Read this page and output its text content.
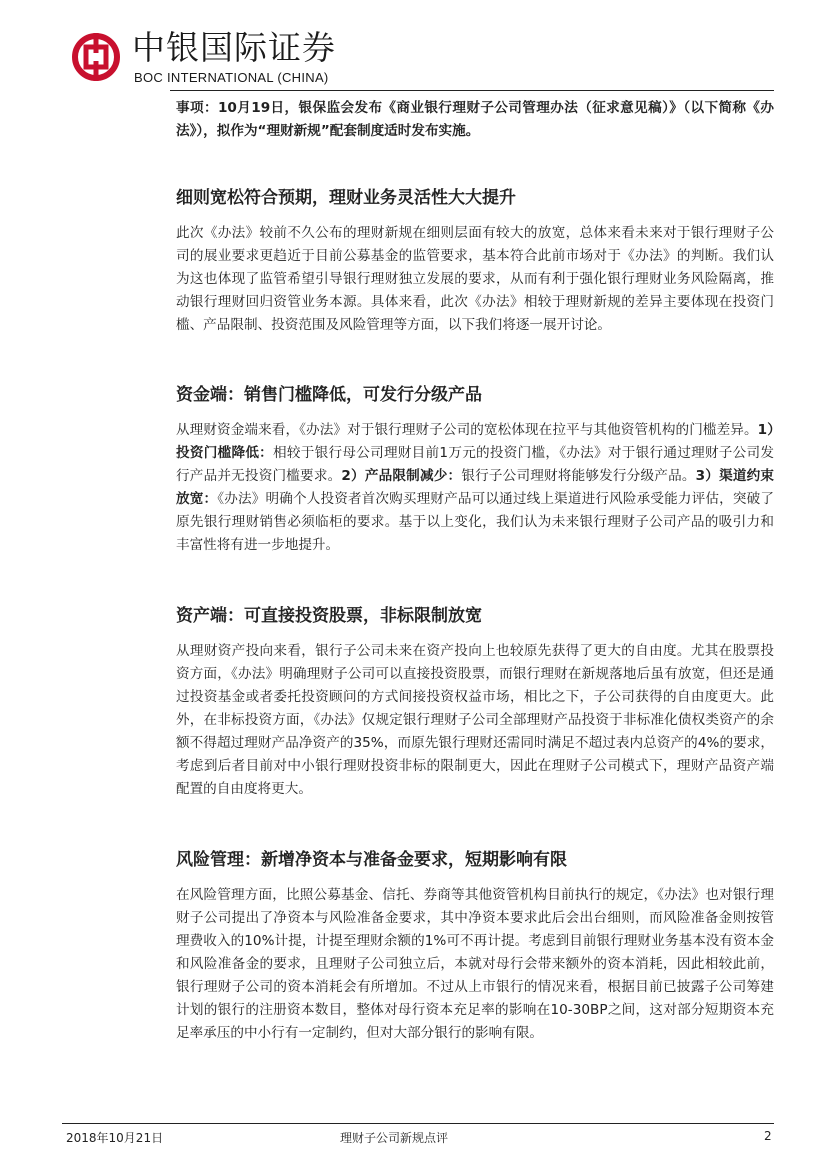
中银国际证券
BOC INTERNATIONAL (CHINA)

事项：10月19日，银保监会发布《商业银行理财子公司管理办法（征求意见稿）》（以下简称《办法》），拟作为“理财新规”配套制度适时发布实施。

细则宽松符合预期，理财业务灵活性大大提升

此次《办法》较前不久公布的理财新规在细则层面有较大的放宽，总体来看未来对于银行理财子公司的展业要求更趋近于目前公募基金的监管要求，基本符合此前市场对于《办法》的判断。我们认为这也体现了监管希望引导银行理财独立发展的要求，从而有利于强化银行理财业务风险隔离，推动银行理财回归资管业务本源。具体来看，此次《办法》相较于理财新规的差异主要体现在投资门槛、产品限制、投资范围及风险管理等方面，以下我们将逐一展开讨论。

资金端：销售门槛降低，可发行分级产品

从理财资金端来看，《办法》对于银行理财子公司的宽松体现在拉平与其他资管机构的门槛差异。1）投资门槛降低：相较于银行母公司理财目前1万元的投资门槛，《办法》对于银行通过理财子公司发行产品并无投资门槛要求。2）产品限制减少：银行子公司理财将能够发行分级产品。3）渠道约束放宽：《办法》明确个人投资者首次购买理财产品可以通过线上渠道进行风险承受能力评估，突破了原先银行理财销售必须临柜的要求。基于以上变化，我们认为未来银行理财子公司产品的吸引力和丰富性将有进一步地提升。

资产端：可直接投资股票，非标限制放宽

从理财资产投向来看，银行子公司未来在资产投向上也较原先获得了更大的自由度。尤其在股票投资方面，《办法》明确理财子公司可以直接投资股票，而银行理财在新规落地后虽有放宽，但还是通过投资基金或者委托投资顾问的方式间接投资权益市场，相比之下，子公司获得的自由度更大。此外，在非标投资方面，《办法》仅规定银行理财子公司全部理财产品投资于非标准化债权类资产的余额不得超过理财产品净资产的35%，而原先银行理财还需同时满足不超过表内总资产的4%的要求，考虑到后者目前对中小银行理财投资非标的限制更大，因此在理财子公司模式下，理财产品资产端配置的自由度将更大。

风险管理：新增净资本与准备金要求，短期影响有限

在风险管理方面，比照公募基金、信托、券商等其他资管机构目前执行的规定，《办法》也对银行理财子公司提出了净资本与风险准备金要求，其中净资本要求此后会出台细则，而风险准备金则按管理费收入的10%计提，计提至理财余额的1%可不再计提。考虑到目前银行理财业务基本没有资本金和风险准备金的要求，且理财子公司独立后，本就对母行会带来额外的资本消耗，因此相较此前，银行理财子公司的资本消耗会有所增加。不过从上市银行的情况来看，根据目前已披露子公司筹建计划的银行的注册资本数目，整体对母行资本充足率的影响在10-30BP之间，这对部分短期资本充足率承压的中小行有一定制约，但对大部分银行的影响有限。

2018年10月21日	理财子公司新规点评	2
